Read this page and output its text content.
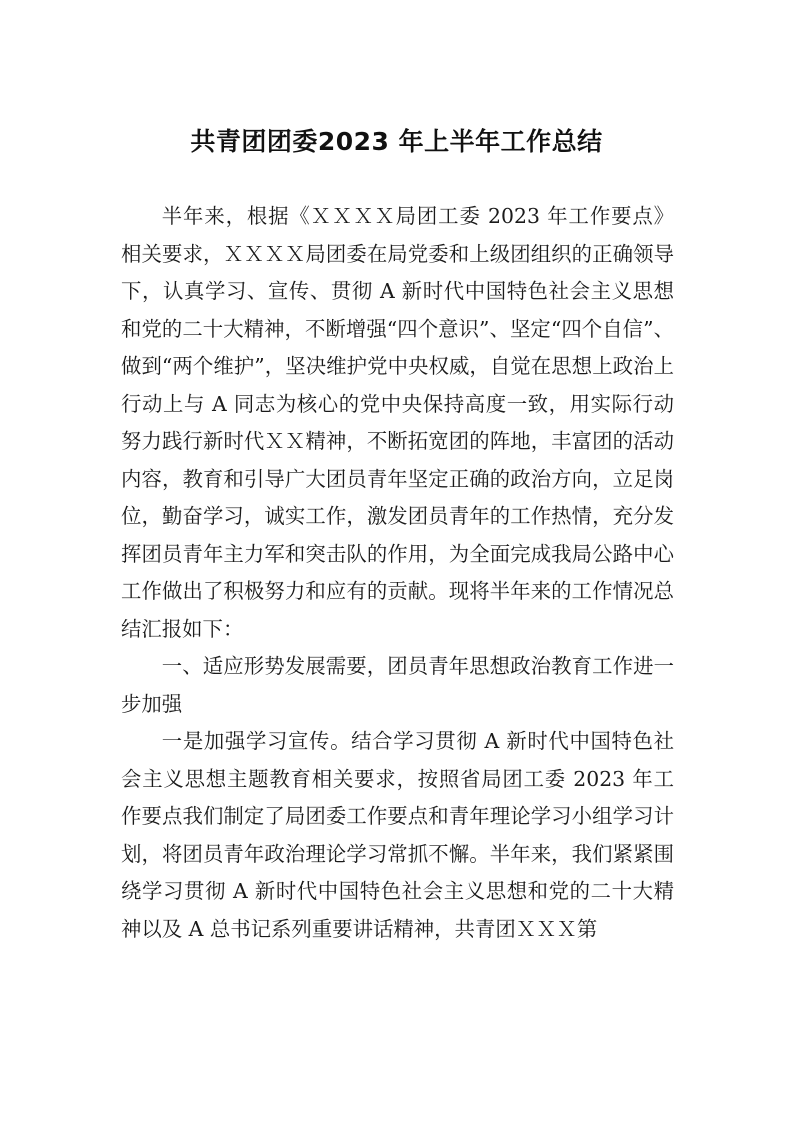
共青团团委2023 年上半年工作总结

半年来，根据《ＸＸＸＸ局团工委 2023 年工作要点》相关要求，ＸＸＸＸ局团委在局党委和上级团组织的正确领导下，认真学习、宣传、贯彻 A 新时代中国特色社会主义思想和党的二十大精神，不断增强“四个意识”、坚定“四个自信”、做到“两个维护”，坚决维护党中央权威，自觉在思想上政治上行动上与 A 同志为核心的党中央保持高度一致，用实际行动努力践行新时代ＸＸ精神，不断拓宽团的阵地，丰富团的活动内容，教育和引导广大团员青年坚定正确的政治方向，立足岗位，勤奋学习，诚实工作，激发团员青年的工作热情，充分发挥团员青年主力军和突击队的作用，为全面完成我局公路中心工作做出了积极努力和应有的贡献。现将半年来的工作情况总结汇报如下：

一、适应形势发展需要，团员青年思想政治教育工作进一步加强

一是加强学习宣传。结合学习贯彻 A 新时代中国特色社会主义思想主题教育相关要求，按照省局团工委 2023 年工作要点我们制定了局团委工作要点和青年理论学习小组学习计划，将团员青年政治理论学习常抓不懈。半年来，我们紧紧围绕学习贯彻 A 新时代中国特色社会主义思想和党的二十大精神以及 A 总书记系列重要讲话精神，共青团ＸＸＸ第
